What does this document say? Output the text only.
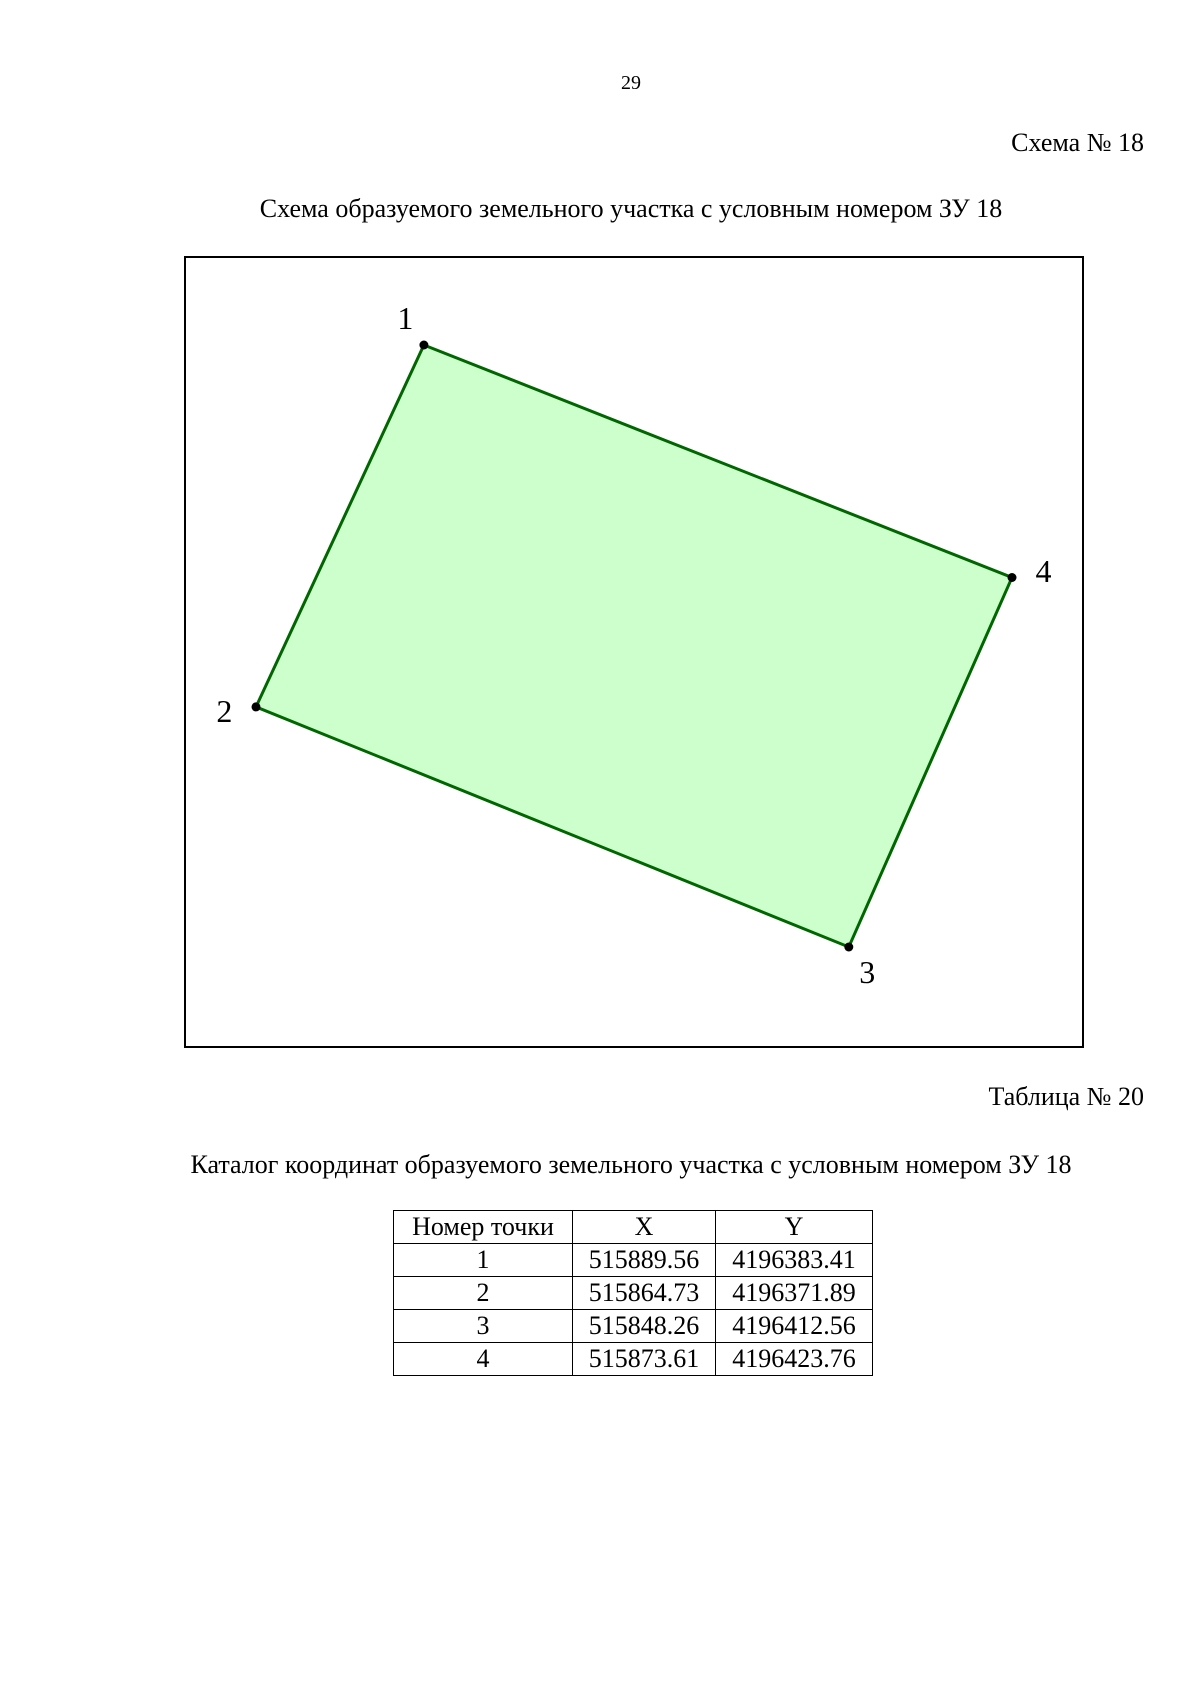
29
Схема № 18
Схема образуемого земельного участка с условным номером ЗУ 18
1
2
3
4
Таблица № 20
Каталог координат образуемого земельного участка с условным номером ЗУ 18
Номер точки	X	Y
1	515889.56	4196383.41
2	515864.73	4196371.89
3	515848.26	4196412.56
4	515873.61	4196423.76
